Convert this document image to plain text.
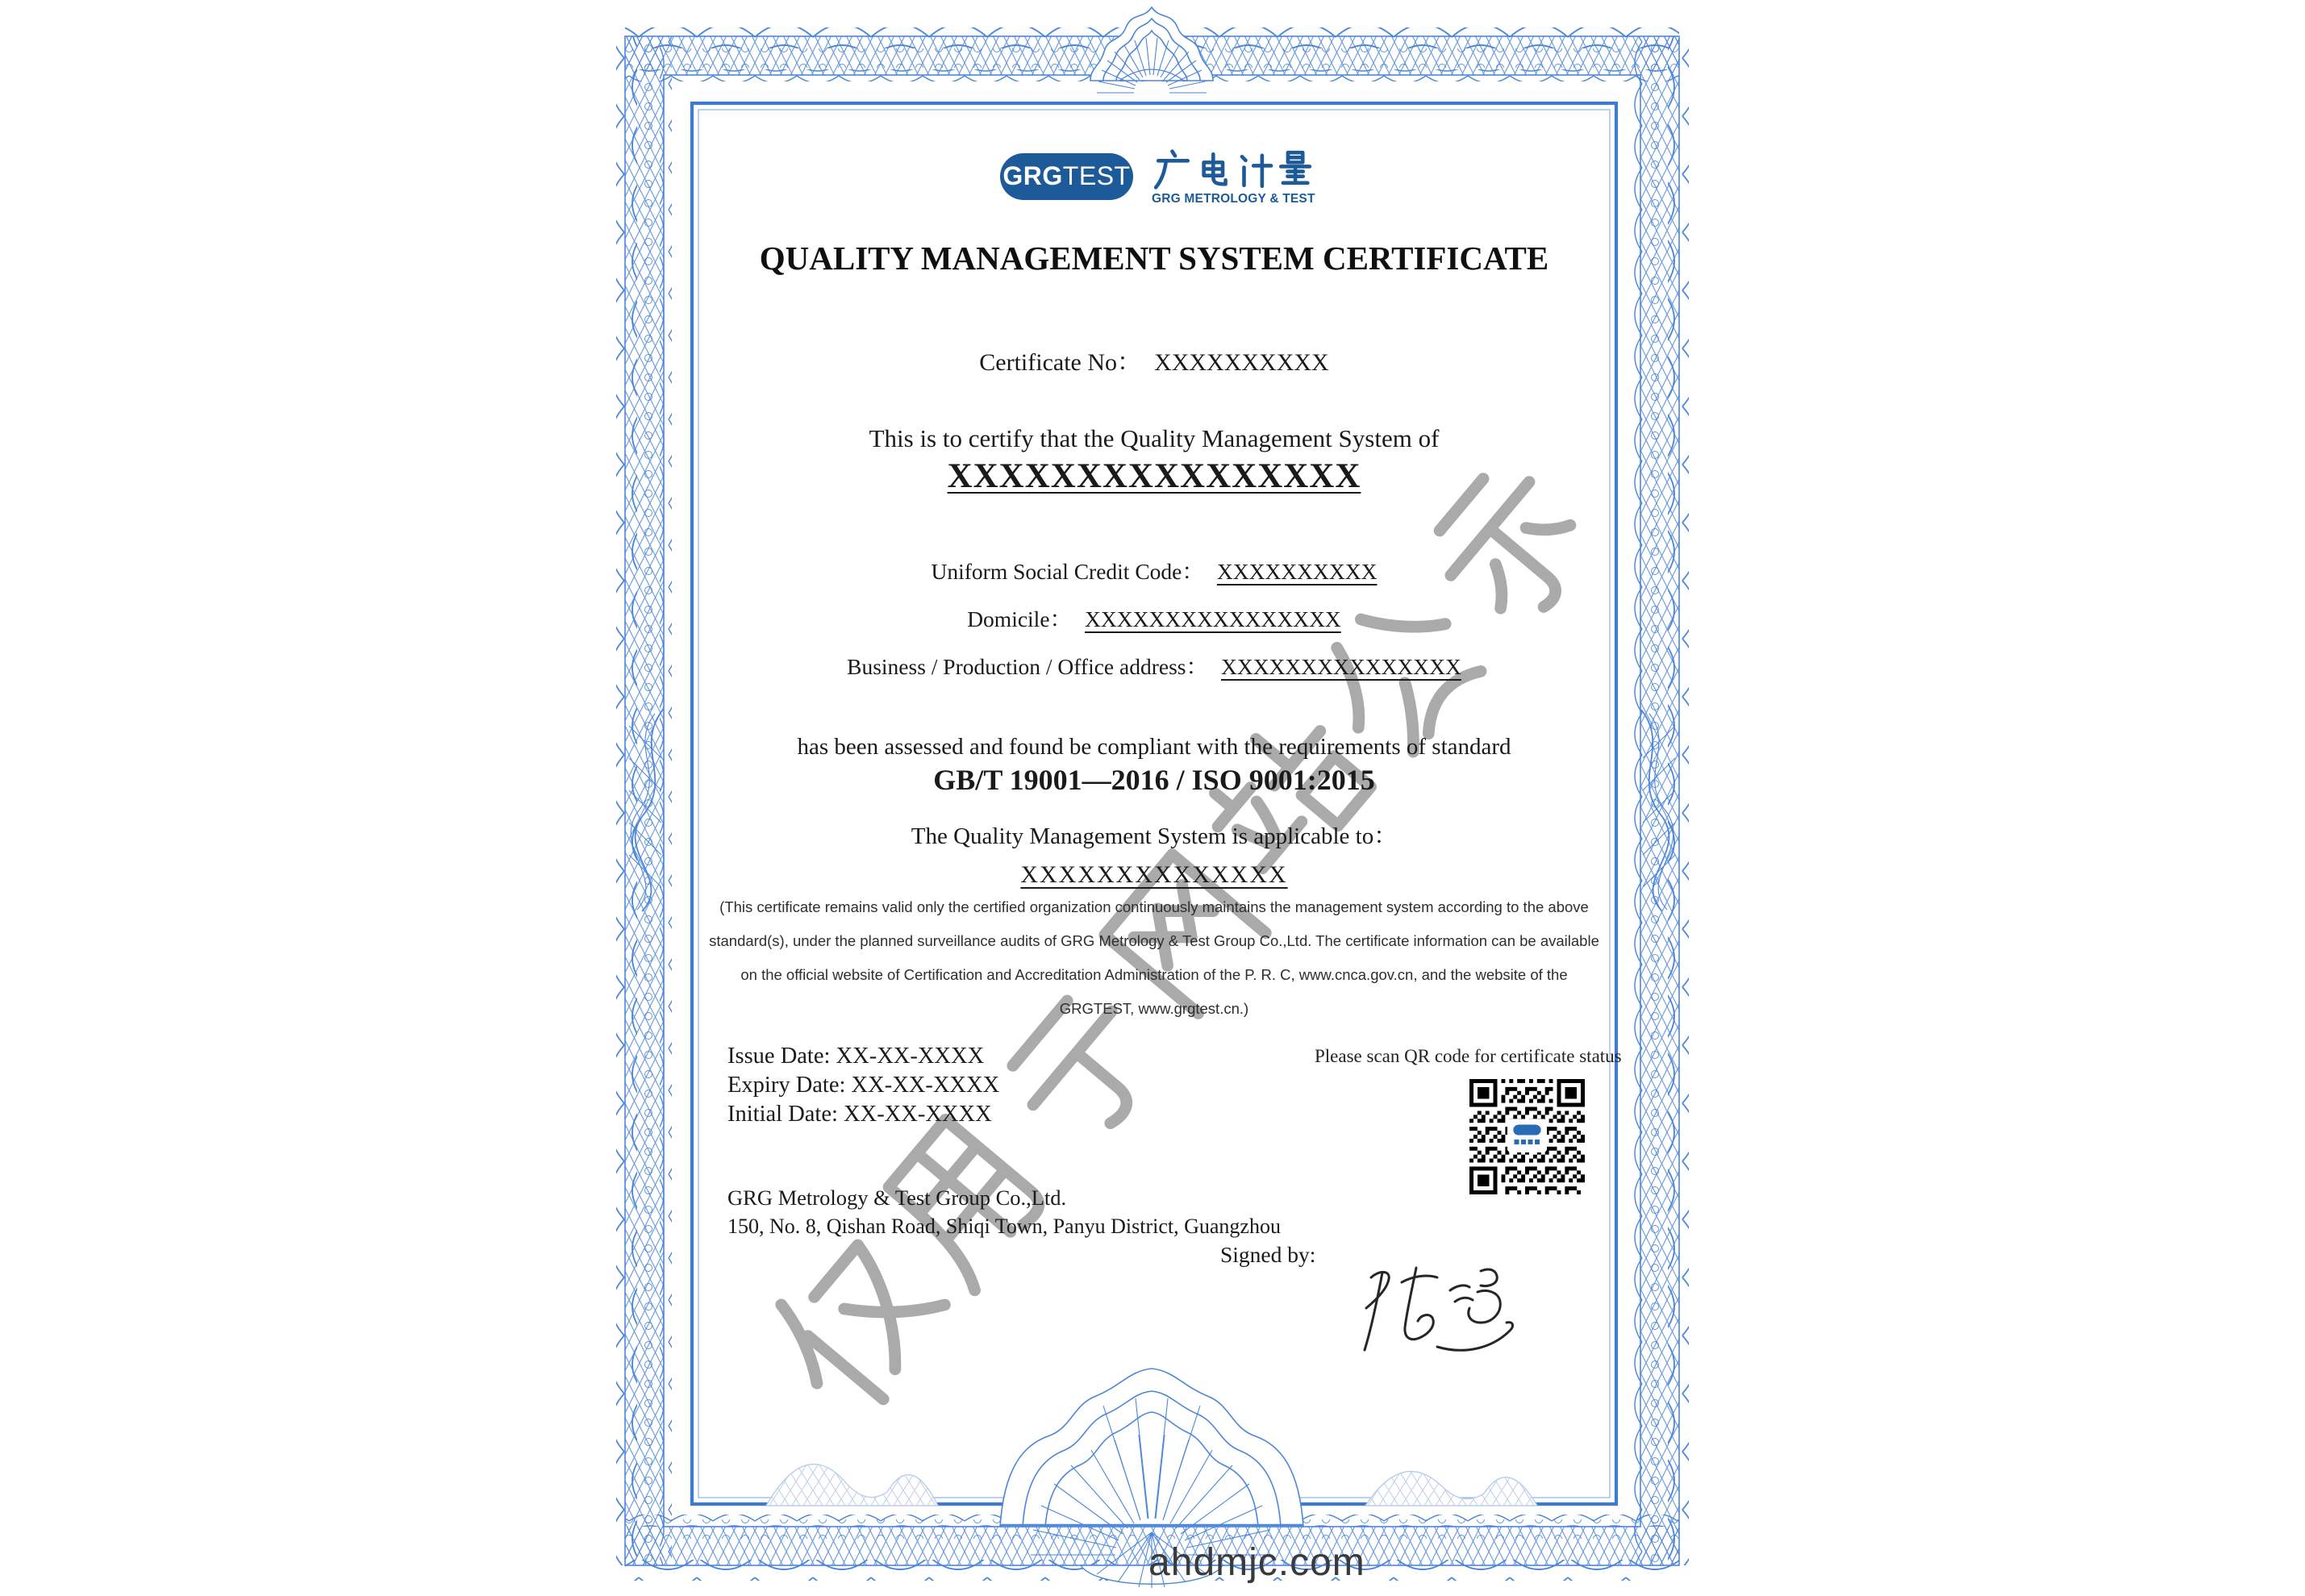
GRGTEST
GRG METROLOGY & TEST
QUALITY MANAGEMENT SYSTEM CERTIFICATE
Certificate No： XXXXXXXXXX
This is to certify that the Quality Management System of
XXXXXXXXXXXXXXXX
Uniform Social Credit Code： XXXXXXXXXX
Domicile： XXXXXXXXXXXXXXXX
Business / Production / Office address： XXXXXXXXXXXXXXX
has been assessed and found be compliant with the requirements of standard
GB/T 19001—2016 / ISO 9001:2015
The Quality Management System is applicable to：
XXXXXXXXXXXXXX
(This certificate remains valid only the certified organization continuously maintains the management system according to the above
standard(s), under the planned surveillance audits of GRG Metrology & Test Group Co.,Ltd. The certificate information can be available
on the official website of Certification and Accreditation Administration of the P. R. C, www.cnca.gov.cn, and the website of the
GRGTEST, www.grgtest.cn.)
Issue Date: XX-XX-XXXX
Expiry Date: XX-XX-XXXX
Initial Date: XX-XX-XXXX
Please scan QR code for certificate status
GRG Metrology & Test Group Co.,Ltd.
150, No. 8, Qishan Road, Shiqi Town, Panyu District, Guangzhou
Signed by:
ahdmjc.com
